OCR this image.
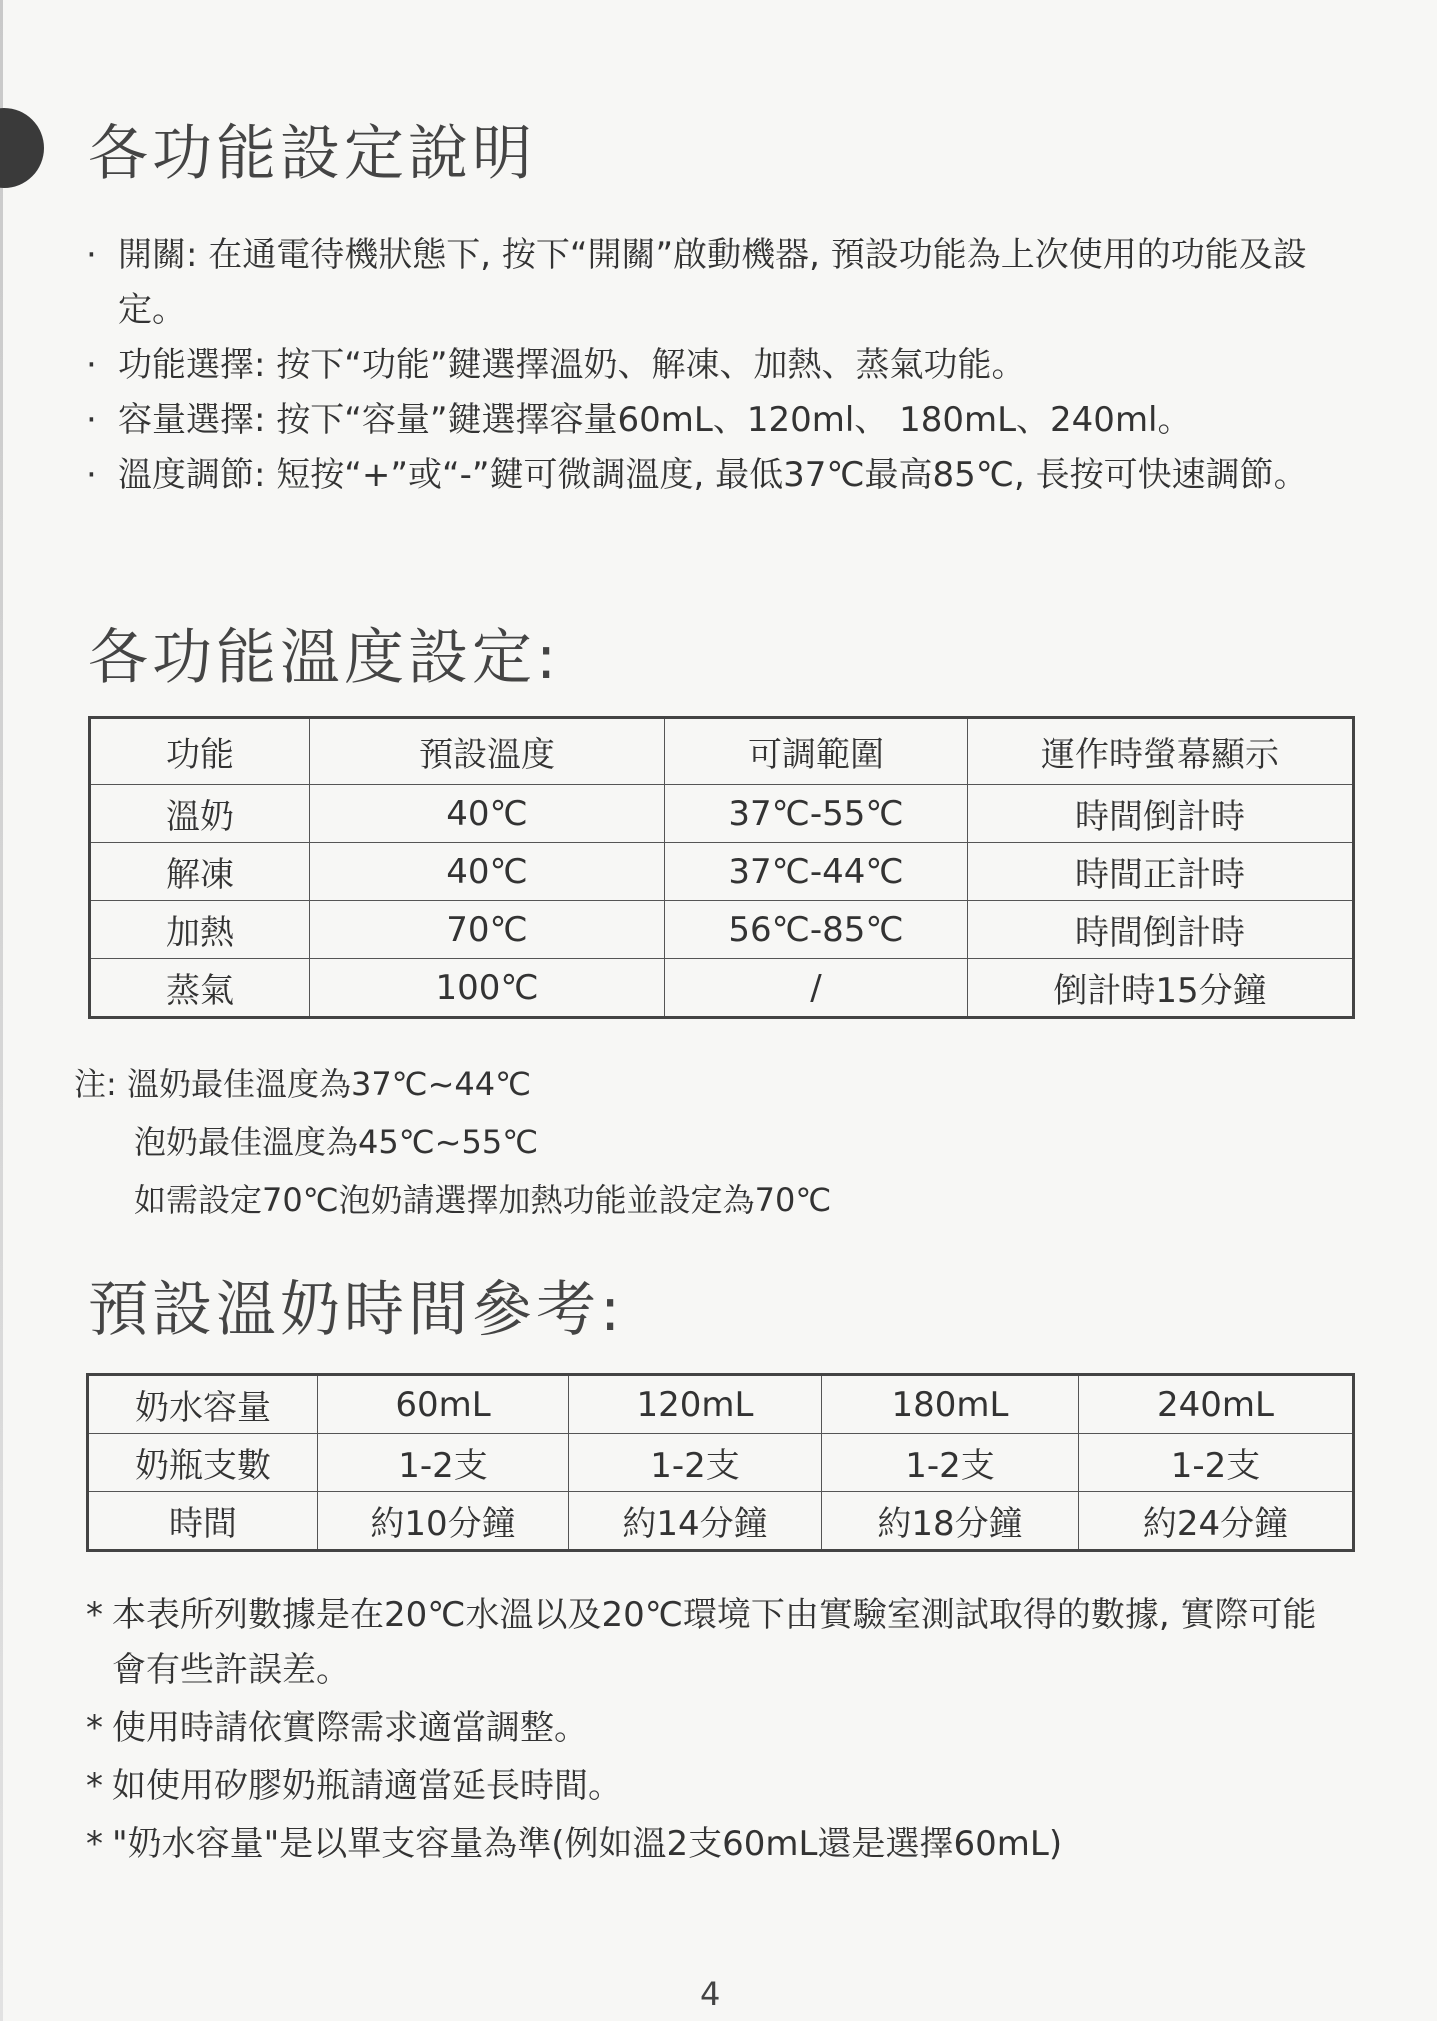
各功能設定說明
· 開關: 在通電待機狀態下, 按下“開關”啟動機器, 預設功能為上次使用的功能及設定。
· 功能選擇: 按下“功能”鍵選擇溫奶、解凍、加熱、蒸氣功能。
· 容量選擇: 按下“容量”鍵選擇容量60mL、120ml、 180mL、240ml。
· 溫度調節: 短按“+”或“-”鍵可微調溫度, 最低37℃最高85℃, 長按可快速調節。
各功能溫度設定:
功能	預設溫度	可調範圍	運作時螢幕顯示
溫奶	40℃	37℃-55℃	時間倒計時
解凍	40℃	37℃-44℃	時間正計時
加熱	70℃	56℃-85℃	時間倒計時
蒸氣	100℃	/	倒計時15分鐘
注: 溫奶最佳溫度為37℃~44℃
泡奶最佳溫度為45℃~55℃
如需設定70℃泡奶請選擇加熱功能並設定為70℃
預設溫奶時間參考:
奶水容量	60mL	120mL	180mL	240mL
奶瓶支數	1-2支	1-2支	1-2支	1-2支
時間	約10分鐘	約14分鐘	約18分鐘	約24分鐘
* 本表所列數據是在20℃水溫以及20℃環境下由實驗室測試取得的數據, 實際可能會有些許誤差。
* 使用時請依實際需求適當調整。
* 如使用矽膠奶瓶請適當延長時間。
* "奶水容量"是以單支容量為準(例如溫2支60mL還是選擇60mL)
4
